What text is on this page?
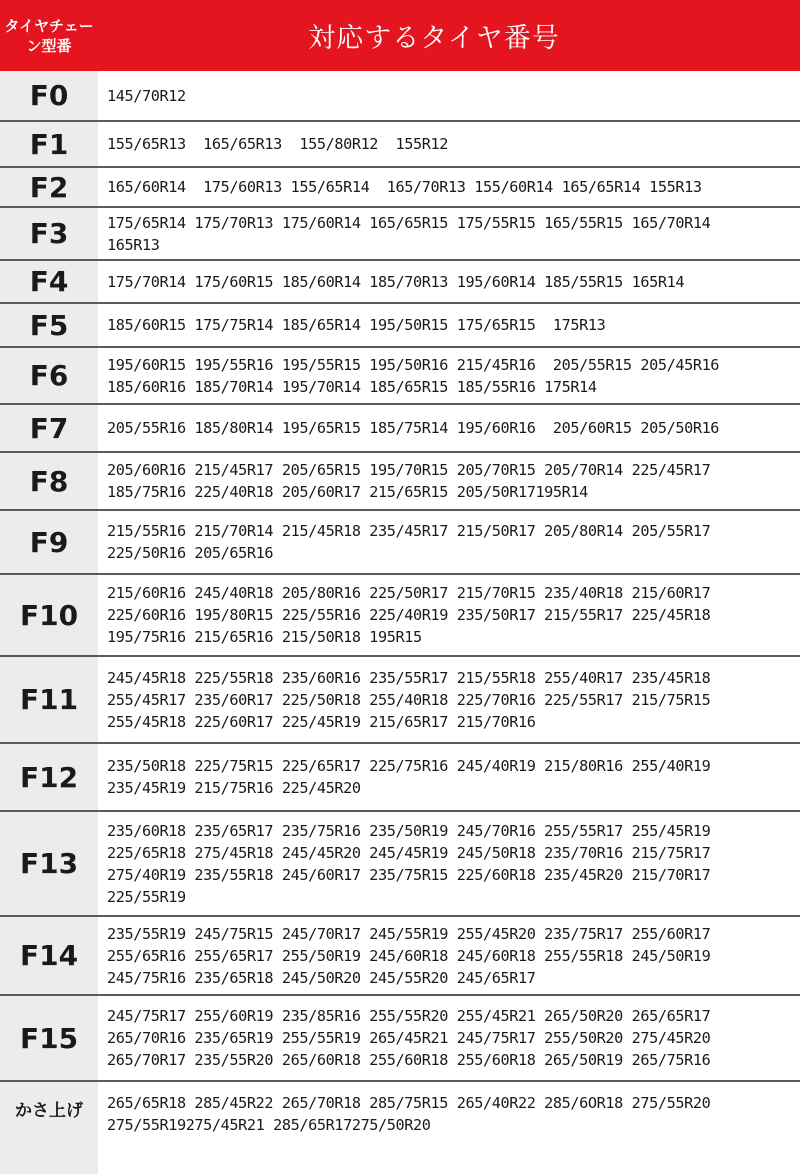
タイヤチェーン型番	対応するタイヤ番号
F0	145/70R12
F1	155/65R13  165/65R13  155/80R12  155R12
F2	165/60R14  175/60R13 155/65R14  165/70R13 155/60R14 165/65R14 155R13
F3	175/65R14 175/70R13 175/60R14 165/65R15 175/55R15 165/55R15 165/70R14
165R13
F4	175/70R14 175/60R15 185/60R14 185/70R13 195/60R14 185/55R15 165R14
F5	185/60R15 175/75R14 185/65R14 195/50R15 175/65R15  175R13
F6	195/60R15 195/55R16 195/55R15 195/50R16 215/45R16  205/55R15 205/45R16
185/60R16 185/70R14 195/70R14 185/65R15 185/55R16 175R14
F7	205/55R16 185/80R14 195/65R15 185/75R14 195/60R16  205/60R15 205/50R16
F8	205/60R16 215/45R17 205/65R15 195/70R15 205/70R15 205/70R14 225/45R17
185/75R16 225/40R18 205/60R17 215/65R15 205/50R17195R14
F9	215/55R16 215/70R14 215/45R18 235/45R17 215/50R17 205/80R14 205/55R17
225/50R16 205/65R16
F10
215/60R16 245/40R18 205/80R16 225/50R17 215/70R15 235/40R18 215/60R17
225/60R16 195/80R15 225/55R16 225/40R19 235/50R17 215/55R17 225/45R18
195/75R16 215/65R16 215/50R18 195R15
F11
245/45R18 225/55R18 235/60R16 235/55R17 215/55R18 255/40R17 235/45R18
255/45R17 235/60R17 225/50R18 255/40R18 225/70R16 225/55R17 215/75R15
255/45R18 225/60R17 225/45R19 215/65R17 215/70R16
F12	235/50R18 225/75R15 225/65R17 225/75R16 245/40R19 215/80R16 255/40R19
235/45R19 215/75R16 225/45R20
F13
235/60R18 235/65R17 235/75R16 235/50R19 245/70R16 255/55R17 255/45R19
225/65R18 275/45R18 245/45R20 245/45R19 245/50R18 235/70R16 215/75R17
275/40R19 235/55R18 245/60R17 235/75R15 225/60R18 235/45R20 215/70R17
225/55R19
F14
235/55R19 245/75R15 245/70R17 245/55R19 255/45R20 235/75R17 255/60R17
255/65R16 255/65R17 255/50R19 245/60R18 245/60R18 255/55R18 245/50R19
245/75R16 235/65R18 245/50R20 245/55R20 245/65R17
F15
245/75R17 255/60R19 235/85R16 255/55R20 255/45R21 265/50R20 265/65R17
265/70R16 235/65R19 255/55R19 265/45R21 245/75R17 255/50R20 275/45R20
265/70R17 235/55R20 265/60R18 255/60R18 255/60R18 265/50R19 265/75R16
かさ上げ	265/65R18 285/45R22 265/70R18 285/75R15 265/40R22 285/6OR18 275/55R20
275/55R19275/45R21 285/65R17275/50R20
